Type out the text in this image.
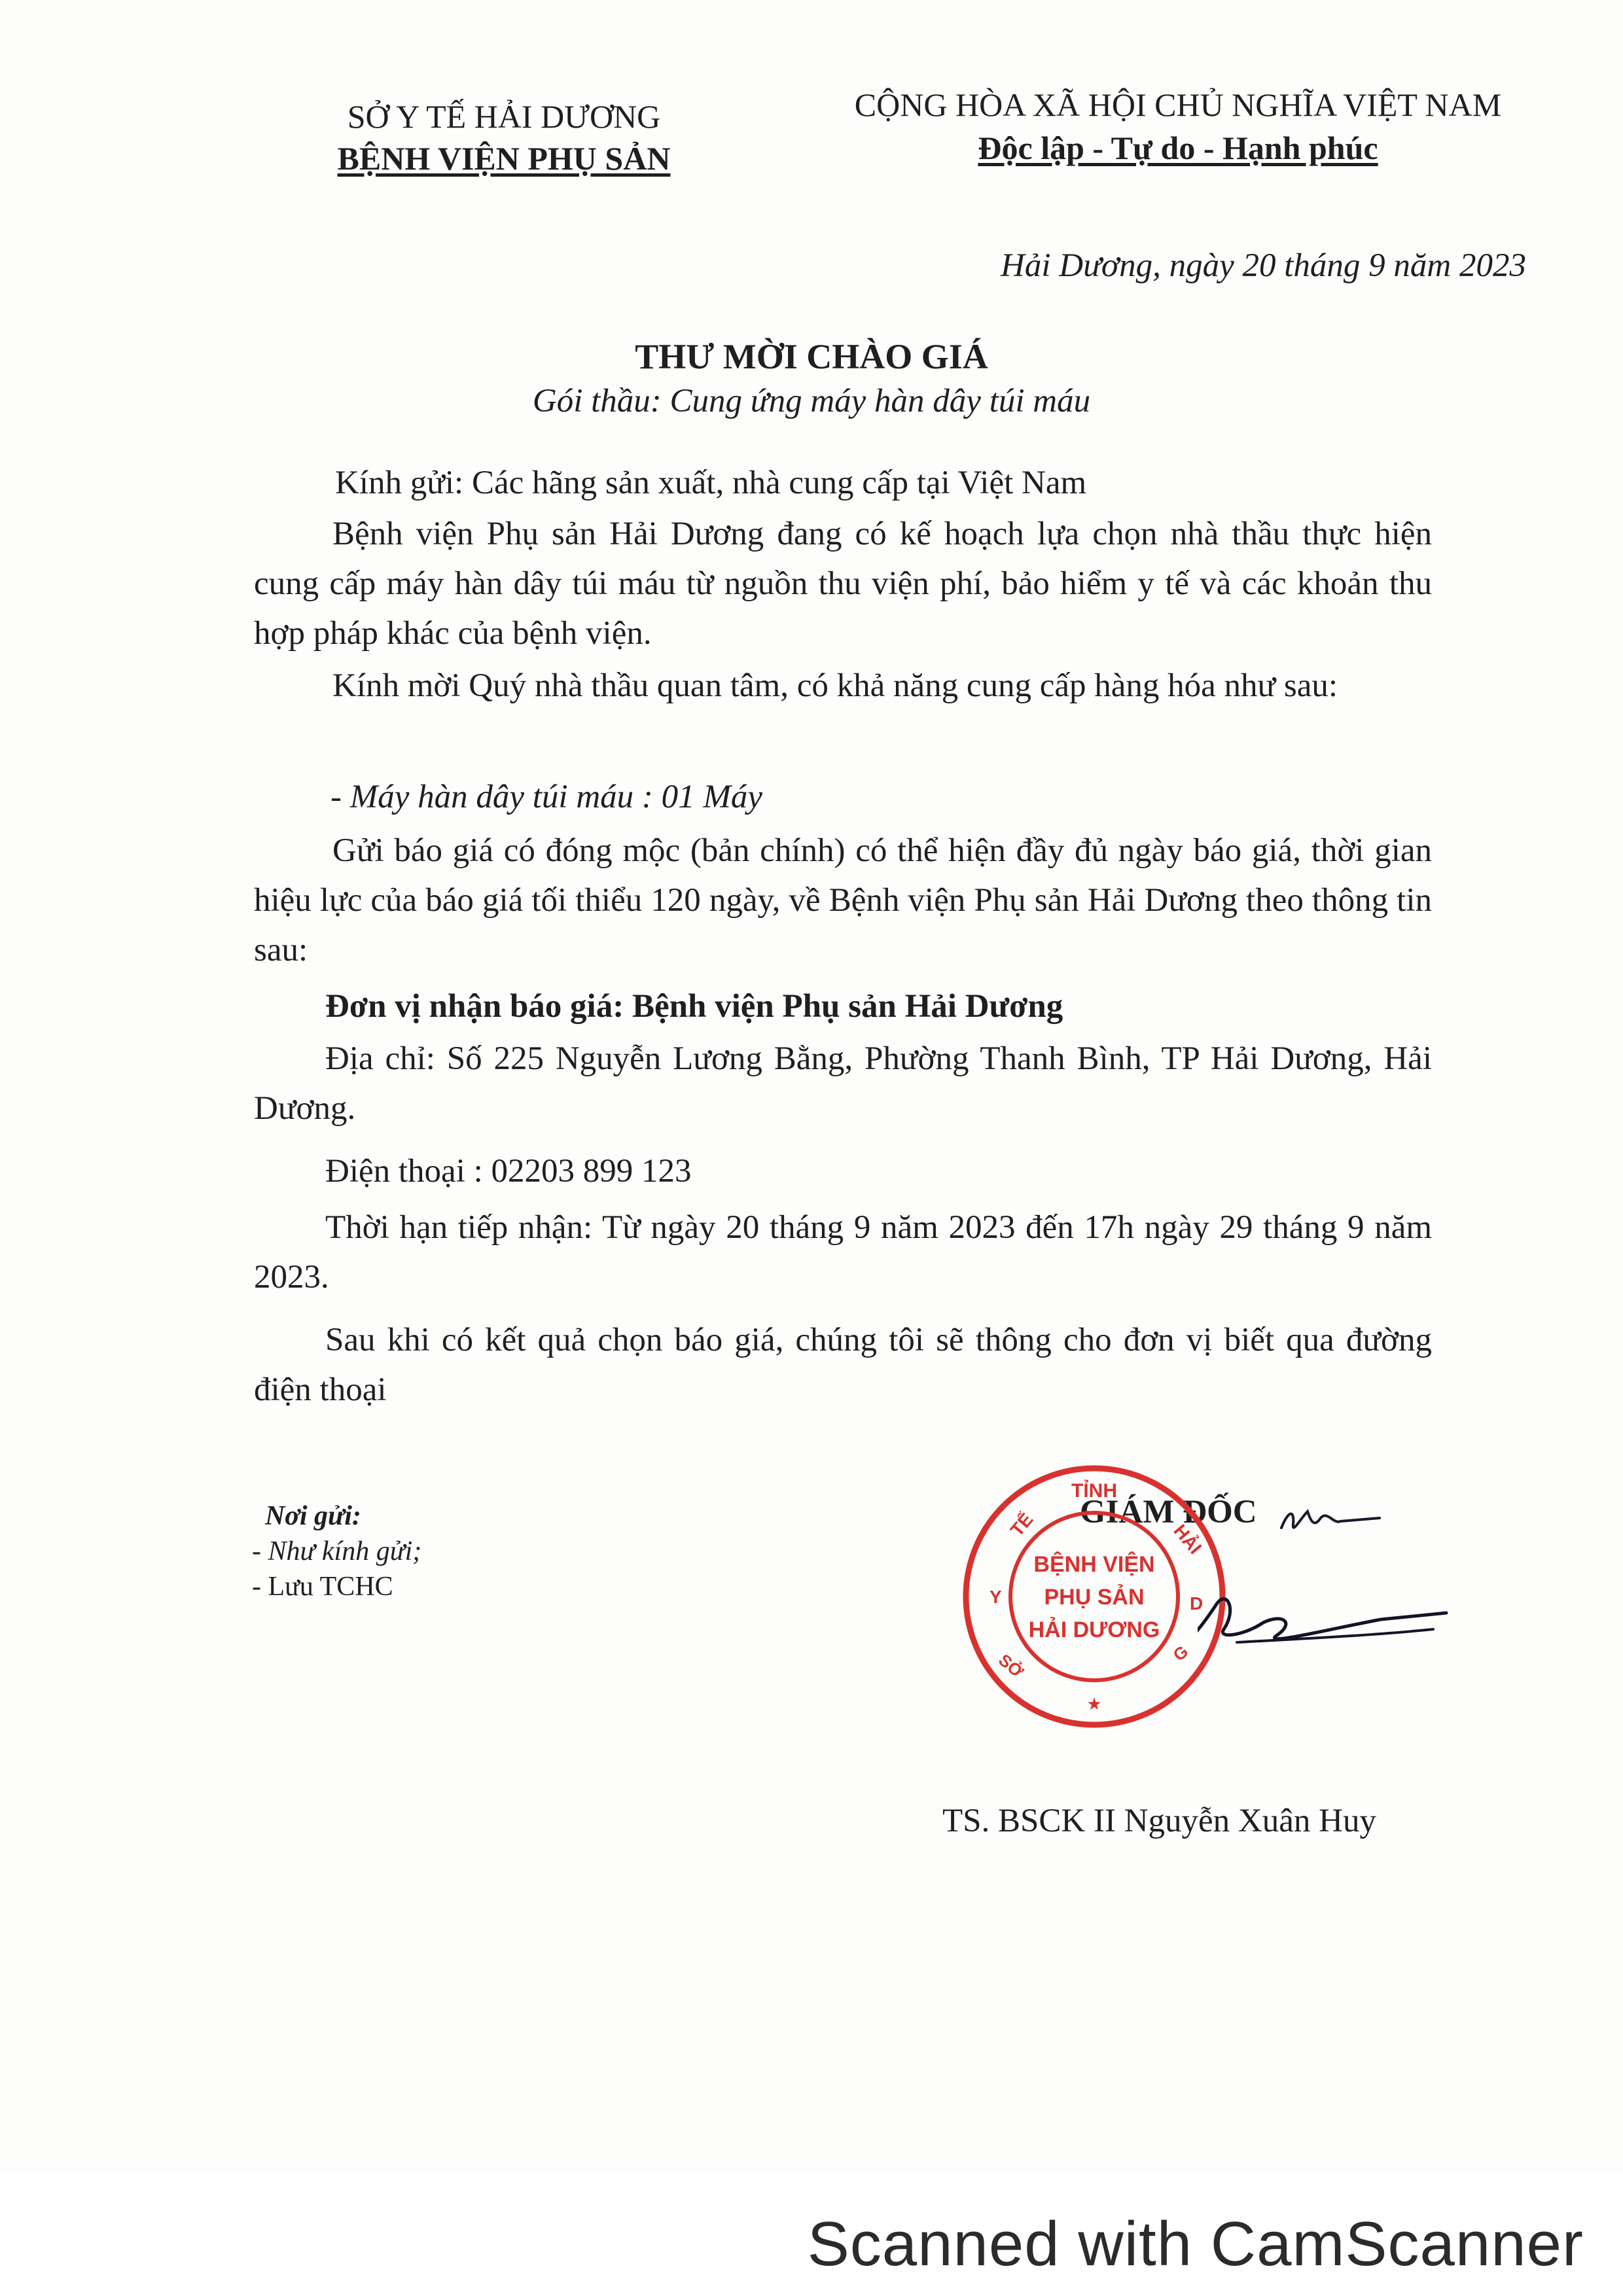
SỞ Y TẾ HẢI DƯƠNG
BỆNH VIỆN PHỤ SẢN
CỘNG HÒA XÃ HỘI CHỦ NGHĨA VIỆT NAM
Độc lập - Tự do - Hạnh phúc
Hải Dương, ngày 20 tháng 9 năm 2023
THƯ MỜI CHÀO GIÁ
Gói thầu: Cung ứng máy hàn dây túi máu
Kính gửi: Các hãng sản xuất, nhà cung cấp tại Việt Nam
Bệnh viện Phụ sản Hải Dương đang có kế hoạch lựa chọn nhà thầu thực hiện cung cấp máy hàn dây túi máu từ nguồn thu viện phí, bảo hiểm y tế và các khoản thu hợp pháp khác của bệnh viện.
Kính mời Quý nhà thầu quan tâm, có khả năng cung cấp hàng hóa như sau:
- Máy hàn dây túi máu : 01 Máy
Gửi báo giá có đóng mộc (bản chính) có thể hiện đầy đủ ngày báo giá, thời gian hiệu lực của báo giá tối thiểu 120 ngày, về Bệnh viện Phụ sản Hải Dương theo thông tin sau:
Đơn vị nhận báo giá: Bệnh viện Phụ sản Hải Dương
Địa chỉ: Số 225 Nguyễn Lương Bằng, Phường Thanh Bình, TP Hải Dương, Hải Dương.
Điện thoại : 02203 899 123
Thời hạn tiếp nhận: Từ ngày 20 tháng 9 năm 2023 đến 17h ngày 29 tháng 9 năm 2023.
Sau khi có kết quả chọn báo giá, chúng tôi sẽ thông cho đơn vị biết qua đường điện thoại
Nơi gửi:
- Như kính gửi;
- Lưu TCHC
GIÁM ĐỐC
TỈNH
TẾ	HẢI
Y	D
SỞ	G
★
BỆNH VIỆN
PHỤ SẢN
HẢI DƯƠNG
TS. BSCK II Nguyễn Xuân Huy
Scanned with CamScanner
